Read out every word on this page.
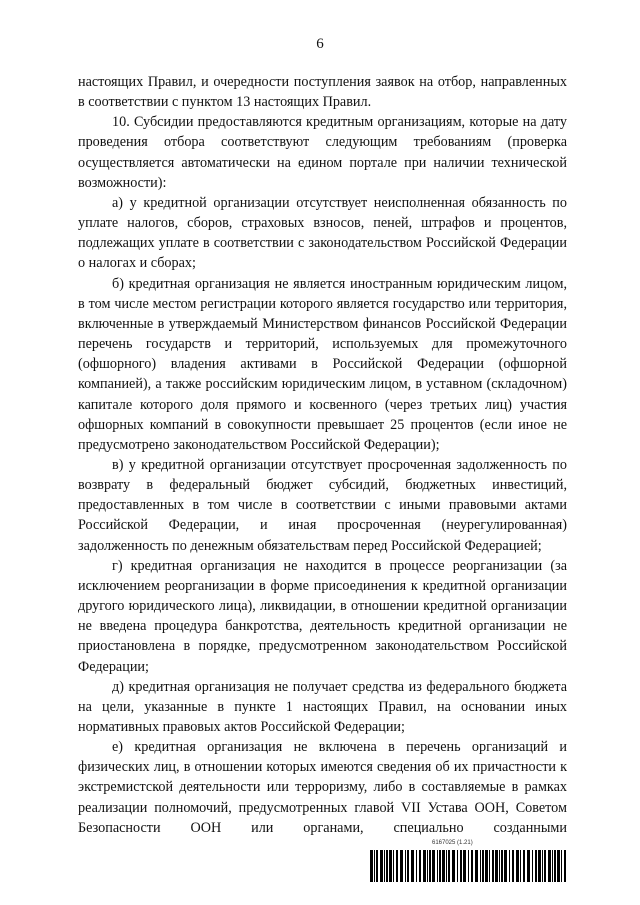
6

настоящих Правил, и очередности поступления заявок на отбор, направленных в соответствии с пунктом 13 настоящих Правил.

10. Субсидии предоставляются кредитным организациям, которые на дату проведения отбора соответствуют следующим требованиям (проверка осуществляется автоматически на едином портале при наличии технической возможности):

а) у кредитной организации отсутствует неисполненная обязанность по уплате налогов, сборов, страховых взносов, пеней, штрафов и процентов, подлежащих уплате в соответствии с законодательством Российской Федерации о налогах и сборах;

б) кредитная организация не является иностранным юридическим лицом, в том числе местом регистрации которого является государство или территория, включенные в утверждаемый Министерством финансов Российской Федерации перечень государств и территорий, используемых для промежуточного (офшорного) владения активами в Российской Федерации (офшорной компанией), а также российским юридическим лицом, в уставном (складочном) капитале которого доля прямого и косвенного (через третьих лиц) участия офшорных компаний в совокупности превышает 25 процентов (если иное не предусмотрено законодательством Российской Федерации);

в) у кредитной организации отсутствует просроченная задолженность по возврату в федеральный бюджет субсидий, бюджетных инвестиций, предоставленных в том числе в соответствии с иными правовыми актами Российской Федерации, и иная просроченная (неурегулированная) задолженность по денежным обязательствам перед Российской Федерацией;

г) кредитная организация не находится в процессе реорганизации (за исключением реорганизации в форме присоединения к кредитной организации другого юридического лица), ликвидации, в отношении кредитной организации не введена процедура банкротства, деятельность кредитной организации не приостановлена в порядке, предусмотренном законодательством Российской Федерации;

д) кредитная организация не получает средства из федерального бюджета на цели, указанные в пункте 1 настоящих Правил, на основании иных нормативных правовых актов Российской Федерации;

е) кредитная организация не включена в перечень организаций и физических лиц, в отношении которых имеются сведения об их причастности к экстремистской деятельности или терроризму, либо в составляемые в рамках реализации полномочий, предусмотренных главой VII Устава ООН, Советом Безопасности ООН или органами, специально созданными

6167025 (1.21)
